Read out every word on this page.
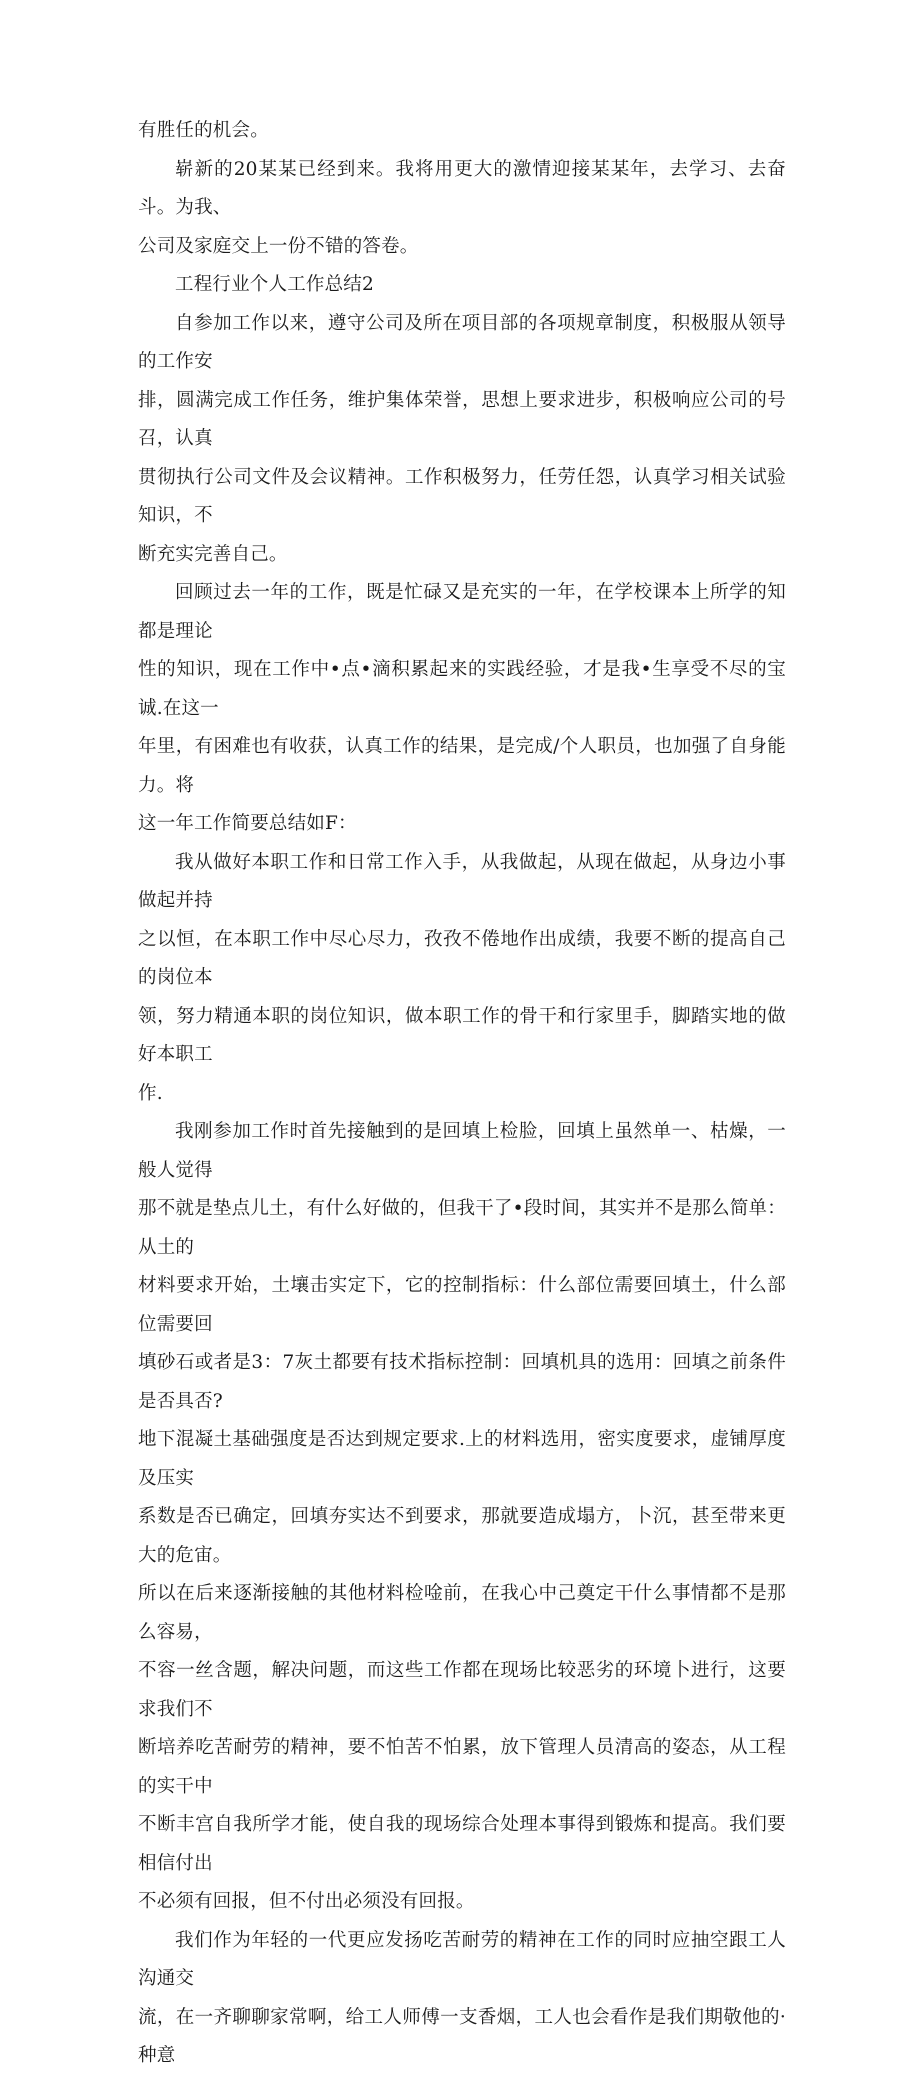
有胜任的机会。

崭新的20某某已经到来。我将用更大的激情迎接某某年，去学习、去奋斗。为我、
公司及家庭交上一份不错的答卷。

工程行业个人工作总结2

自参加工作以来，遵守公司及所在项目部的各项规章制度，积极服从领导的工作安
排，圆满完成工作任务，维护集体荣誉，思想上要求进步，积极响应公司的号召，认真
贯彻执行公司文件及会议精神。工作积极努力，任劳任怨，认真学习相关试验知识，不
断充实完善自己。

回顾过去一年的工作，既是忙碌又是充实的一年，在学校课本上所学的知都是理论
性的知识，现在工作中•点•滴积累起来的实践经验，才是我•生享受不尽的宝诚.在这一
年里，有困难也有收获，认真工作的结果，是完成/个人职员，也加强了自身能力。将
这一年工作简要总结如F：

我从做好本职工作和日常工作入手，从我做起，从现在做起，从身边小事做起并持
之以恒，在本职工作中尽心尽力，孜孜不倦地作出成绩，我要不断的提高自己的岗位本
领，努力精通本职的岗位知识，做本职工作的骨干和行家里手，脚踏实地的做好本职工
作.

我刚参加工作时首先接触到的是回填上检脸，回填上虽然单一、枯燥，一般人觉得
那不就是垫点儿土，有什么好做的，但我干了•段时间，其实并不是那么简单：从土的
材料要求开始，土壤击实定下，它的控制指标：什么部位需要回填土，什么部位需要回
填砂石或者是3：7灰土都要有技术指标控制：回填机具的选用：回填之前条件是否具否?
地下混凝土基础强度是否达到规定要求.上的材料选用，密实度要求，虚铺厚度及压实
系数是否已确定，回填夯实达不到要求，那就要造成塌方，卜沉，甚至带来更大的危宙。
所以在后来逐渐接触的其他材料检唫前，在我心中己奠定干什么事情都不是那么容易，
不容一丝含题，解决问题，而这些工作都在现场比较恶劣的环境卜进行，这要求我们不
断培养吃苦耐劳的精神，要不怕苦不怕累，放下管理人员清高的姿态，从工程的实干中
不断丰宫自我所学才能，使自我的现场综合处理本事得到锻炼和提高。我们要相信付出
不必须有回报，但不付出必须没有回报。

我们作为年轻的一代更应发扬吃苦耐劳的精神在工作的同时应抽空跟工人沟通交
流，在一齐聊聊家常啊，给工人师傅一支香烟，工人也会看作是我们期敬他的·种意
